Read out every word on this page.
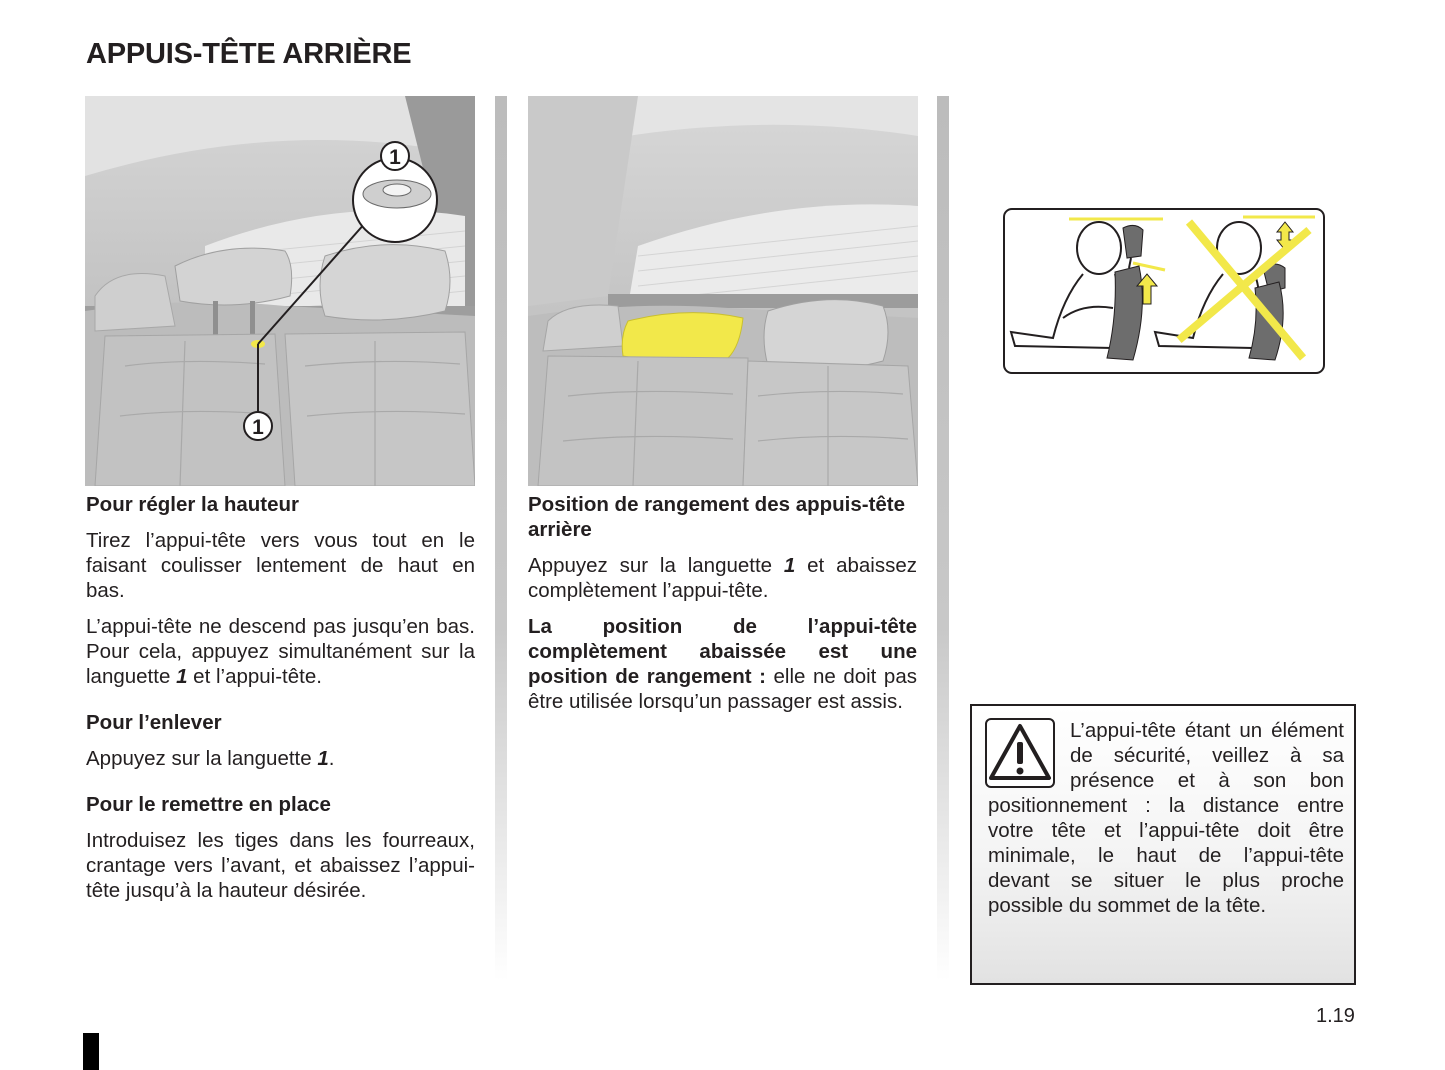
APPUIS-TÊTE ARRIÈRE
1
1
Pour régler la hauteur

Tirez l’appui-tête vers vous tout en le faisant coulisser lentement de haut en bas.

L’appui-tête ne descend pas jusqu’en bas. Pour cela, appuyez simultanément sur la languette 1 et l’appui-tête.

Pour l’enlever

Appuyez sur la languette 1.

Pour le remettre en place

Introduisez les tiges dans les fourreaux, crantage vers l’avant, et abaissez l’appui-tête jusqu’à la hauteur désirée.

Position de rangement des appuis-tête arrière

Appuyez sur la languette 1 et abaissez complètement l’appui-tête.

La position de l’appui-tête complètement abaissée est une position de rangement : elle ne doit pas être utilisée lorsqu’un passager est assis.

L’appui-tête étant un élément de sécurité, veillez à sa présence et à son bon positionnement : la distance entre votre tête et l’appui-tête doit être minimale, le haut de l’appui-tête devant se situer le plus proche possible du sommet de la tête.
1.19
